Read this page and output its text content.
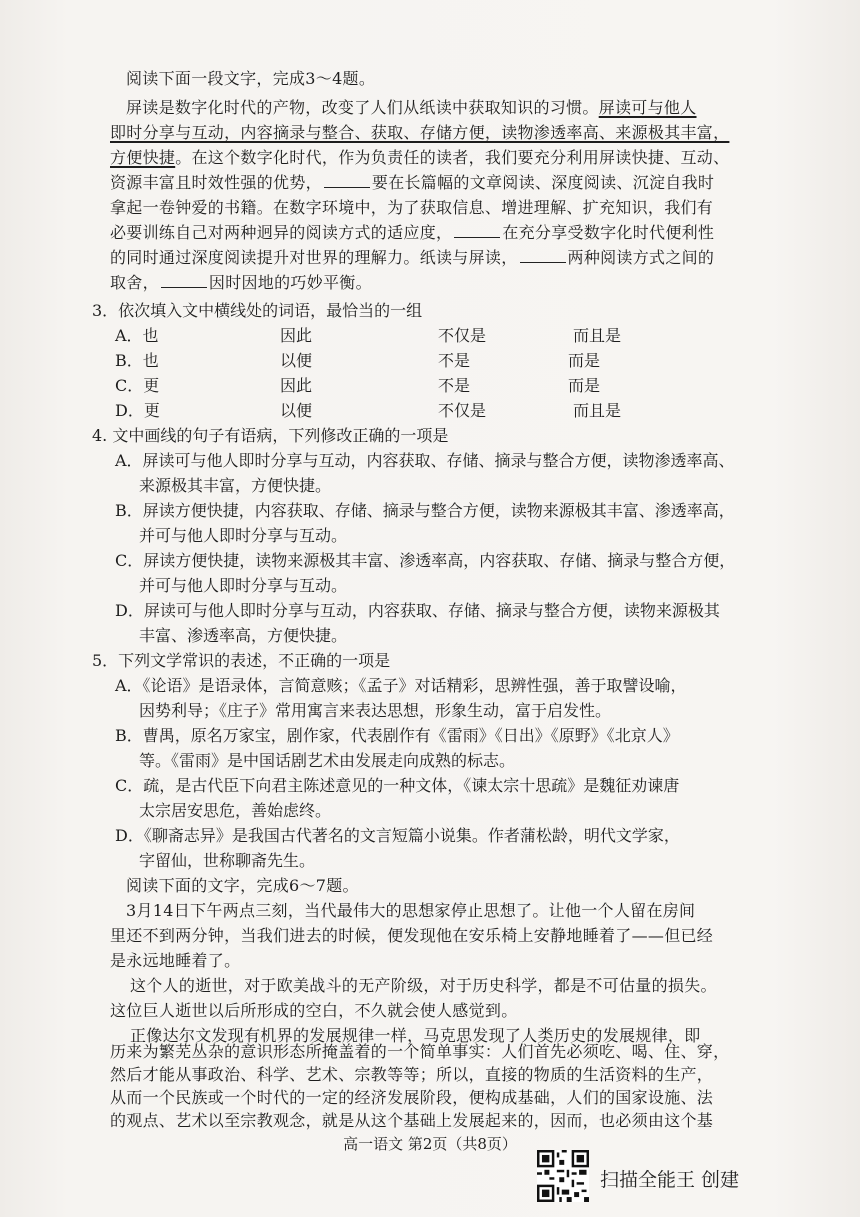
阅读下面一段文字，完成3～4题。

屏读是数字化时代的产物，改变了人们从纸读中获取知识的习惯。屏读可与他人

即时分享与互动，内容摘录与整合、获取、存储方便，读物渗透率高、来源极其丰富，

方便快捷。在这个数字化时代，作为负责任的读者，我们要充分利用屏读快捷、互动、

资源丰富且时效性强的优势，	要在长篇幅的文章阅读、深度阅读、沉淀自我时

拿起一卷钟爱的书籍。在数字环境中，为了获取信息、增进理解、扩充知识，我们有

必要训练自己对两种迥异的阅读方式的适应度，	在充分享受数字化时代便利性

的同时通过深度阅读提升对世界的理解力。纸读与屏读，	两种阅读方式之间的

取舍，	因时因地的巧妙平衡。

3．依次填入文中横线处的词语，最恰当的一组
A．也	因此	不仅是	而且是
B．也	以便	不是	而是
C．更	因此	不是	而是
D．更	以便	不仅是	而且是
4. 文中画线的句子有语病，下列修改正确的一项是
A．屏读可与他人即时分享与互动，内容获取、存储、摘录与整合方便，读物渗透率高、
来源极其丰富，方便快捷。
B．屏读方便快捷，内容获取、存储、摘录与整合方便，读物来源极其丰富、渗透率高，
并可与他人即时分享与互动。
C．屏读方便快捷，读物来源极其丰富、渗透率高，内容获取、存储、摘录与整合方便，
并可与他人即时分享与互动。
D．屏读可与他人即时分享与互动，内容获取、存储、摘录与整合方便，读物来源极其
丰富、渗透率高，方便快捷。
5．下列文学常识的表述，不正确的一项是
A．《论语》是语录体，言简意赅；《孟子》对话精彩，思辨性强，善于取譬设喻，
因势利导；《庄子》常用寓言来表达思想，形象生动，富于启发性。
B．曹禺，原名万家宝，剧作家，代表剧作有《雷雨》《日出》《原野》《北京人》
等。《雷雨》是中国话剧艺术由发展走向成熟的标志。
C．疏，是古代臣下向君主陈述意见的一种文体，《谏太宗十思疏》是魏征劝谏唐
太宗居安思危，善始虑终。
D．《聊斋志异》是我国古代著名的文言短篇小说集。作者蒲松龄，明代文学家，
字留仙，世称聊斋先生。

阅读下面的文字，完成6～7题。

3月14日下午两点三刻，当代最伟大的思想家停止思想了。让他一个人留在房间

里还不到两分钟，当我们进去的时候，便发现他在安乐椅上安静地睡着了——但已经

是永远地睡着了。

这个人的逝世，对于欧美战斗的无产阶级，对于历史科学，都是不可估量的损失。

这位巨人逝世以后所形成的空白，不久就会使人感觉到。

正像达尔文发现有机界的发展规律一样，马克思发现了人类历史的发展规律，即

历来为繁芜丛杂的意识形态所掩盖着的一个简单事实：人们首先必须吃、喝、住、穿，

然后才能从事政治、科学、艺术、宗教等等；所以，直接的物质的生活资料的生产，

从而一个民族或一个时代的一定的经济发展阶段，便构成基础，人们的国家设施、法

的观点、艺术以至宗教观念，就是从这个基础上发展起来的，因而，也必须由这个基

扫描全能王 创建
高一语文 第2页（共8页）
